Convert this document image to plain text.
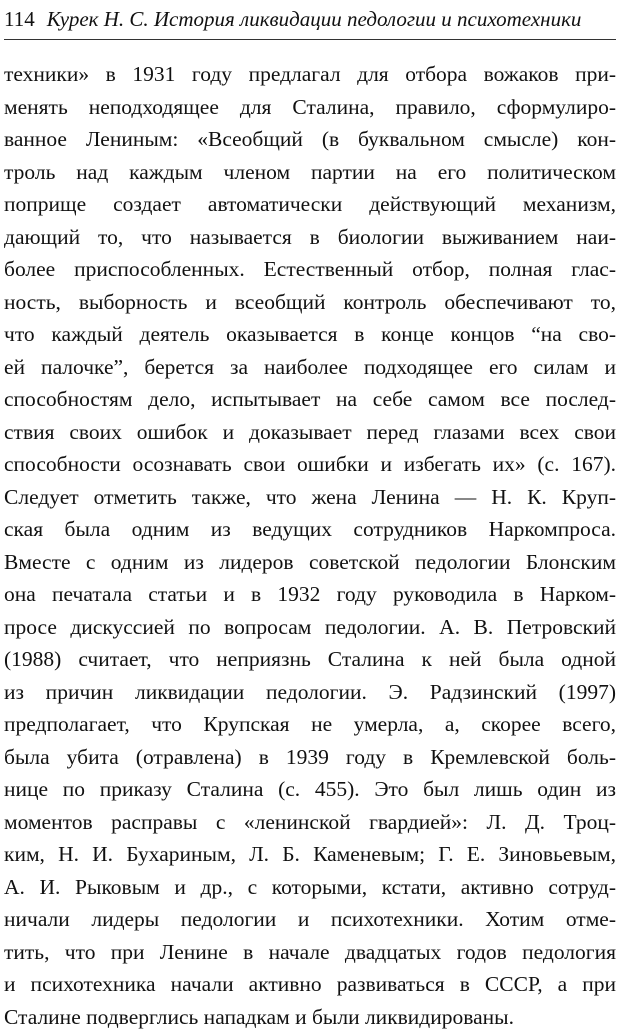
114 Курек Н. С. История ликвидации педологии и психотехники
техники» в 1931 году предлагал для отбора вожаков при-
менять неподходящее для Сталина, правило, сформулиро-
ванное Лениным: «Всеобщий (в буквальном смысле) кон-
троль над каждым членом партии на его политическом
поприще создает автоматически действующий механизм,
дающий то, что называется в биологии выживанием наи-
более приспособленных. Естественный отбор, полная глас-
ность, выборность и всеобщий контроль обеспечивают то,
что каждый деятель оказывается в конце концов “на сво-
ей палочке”, берется за наиболее подходящее его силам и
способностям дело, испытывает на себе самом все послед-
ствия своих ошибок и доказывает перед глазами всех свои
способности осознавать свои ошибки и избегать их» (с. 167).
Следует отметить также, что жена Ленина — Н. К. Круп-
ская была одним из ведущих сотрудников Наркомпроса.
Вместе с одним из лидеров советской педологии Блонским
она печатала статьи и в 1932 году руководила в Нарком-
просе дискуссией по вопросам педологии. А. В. Петровский
(1988) считает, что неприязнь Сталина к ней была одной
из причин ликвидации педологии. Э. Радзинский (1997)
предполагает, что Крупская не умерла, а, скорее всего,
была убита (отравлена) в 1939 году в Кремлевской боль-
нице по приказу Сталина (с. 455). Это был лишь один из
моментов расправы с «ленинской гвардией»: Л. Д. Троц-
ким, Н. И. Бухариным, Л. Б. Каменевым; Г. Е. Зиновьевым,
А. И. Рыковым и др., с которыми, кстати, активно сотруд-
ничали лидеры педологии и психотехники. Хотим отме-
тить, что при Ленине в начале двадцатых годов педология
и психотехника начали активно развиваться в СССР, а при
Сталине подверглись нападкам и были ликвидированы.
